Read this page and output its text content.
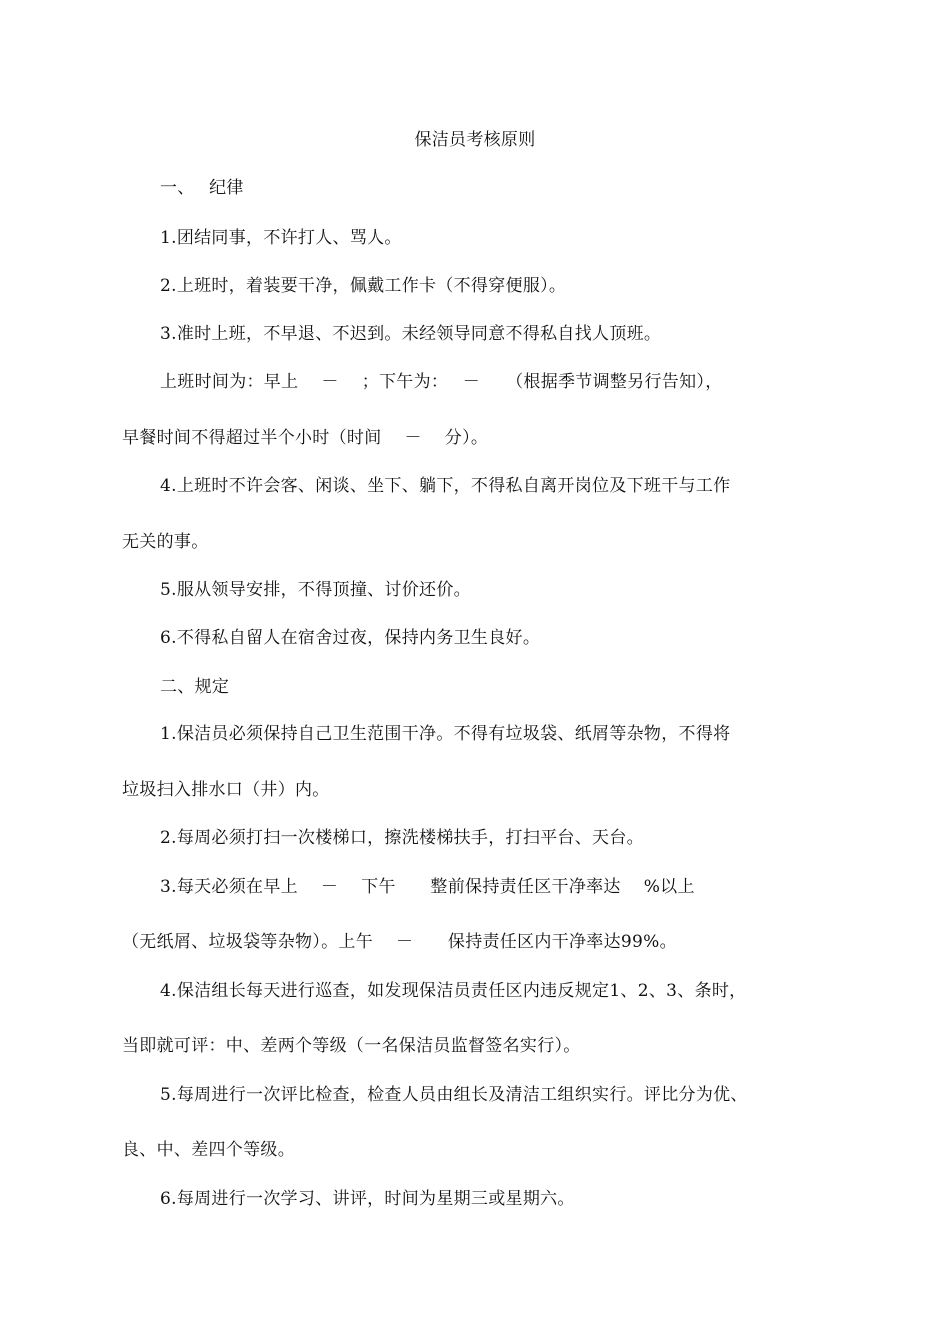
保洁员考核原则
一、　 纪律
1.团结同事，不许打人、骂人。
2.上班时，着装要干净，佩戴工作卡（不得穿便服）。
3.准时上班，不早退、不迟到。未经领导同意不得私自找人顶班。
上班时间为：早上　 －　 ；下午为：　 －　　（根据季节调整另行告知），
早餐时间不得超过半个小时（时间　 －　 分）。
4.上班时不许会客、闲谈、坐下、躺下，不得私自离开岗位及下班干与工作
无关的事。
5.服从领导安排，不得顶撞、讨价还价。
6.不得私自留人在宿舍过夜，保持内务卫生良好。
二、规定
1.保洁员必须保持自己卫生范围干净。不得有垃圾袋、纸屑等杂物，不得将
垃圾扫入排水口（井）内。
2.每周必须打扫一次楼梯口，擦洗楼梯扶手，打扫平台、天台。
3.每天必须在早上　 －　 下午　　整前保持责任区干净率达　 %以上
（无纸屑、垃圾袋等杂物）。上午　 －　　保持责任区内干净率达99%。
4.保洁组长每天进行巡查，如发现保洁员责任区内违反规定1、2、3、条时，
当即就可评：中、差两个等级（一名保洁员监督签名实行）。
5.每周进行一次评比检查，检查人员由组长及清洁工组织实行。评比分为优、
良、中、差四个等级。
6.每周进行一次学习、讲评，时间为星期三或星期六。
